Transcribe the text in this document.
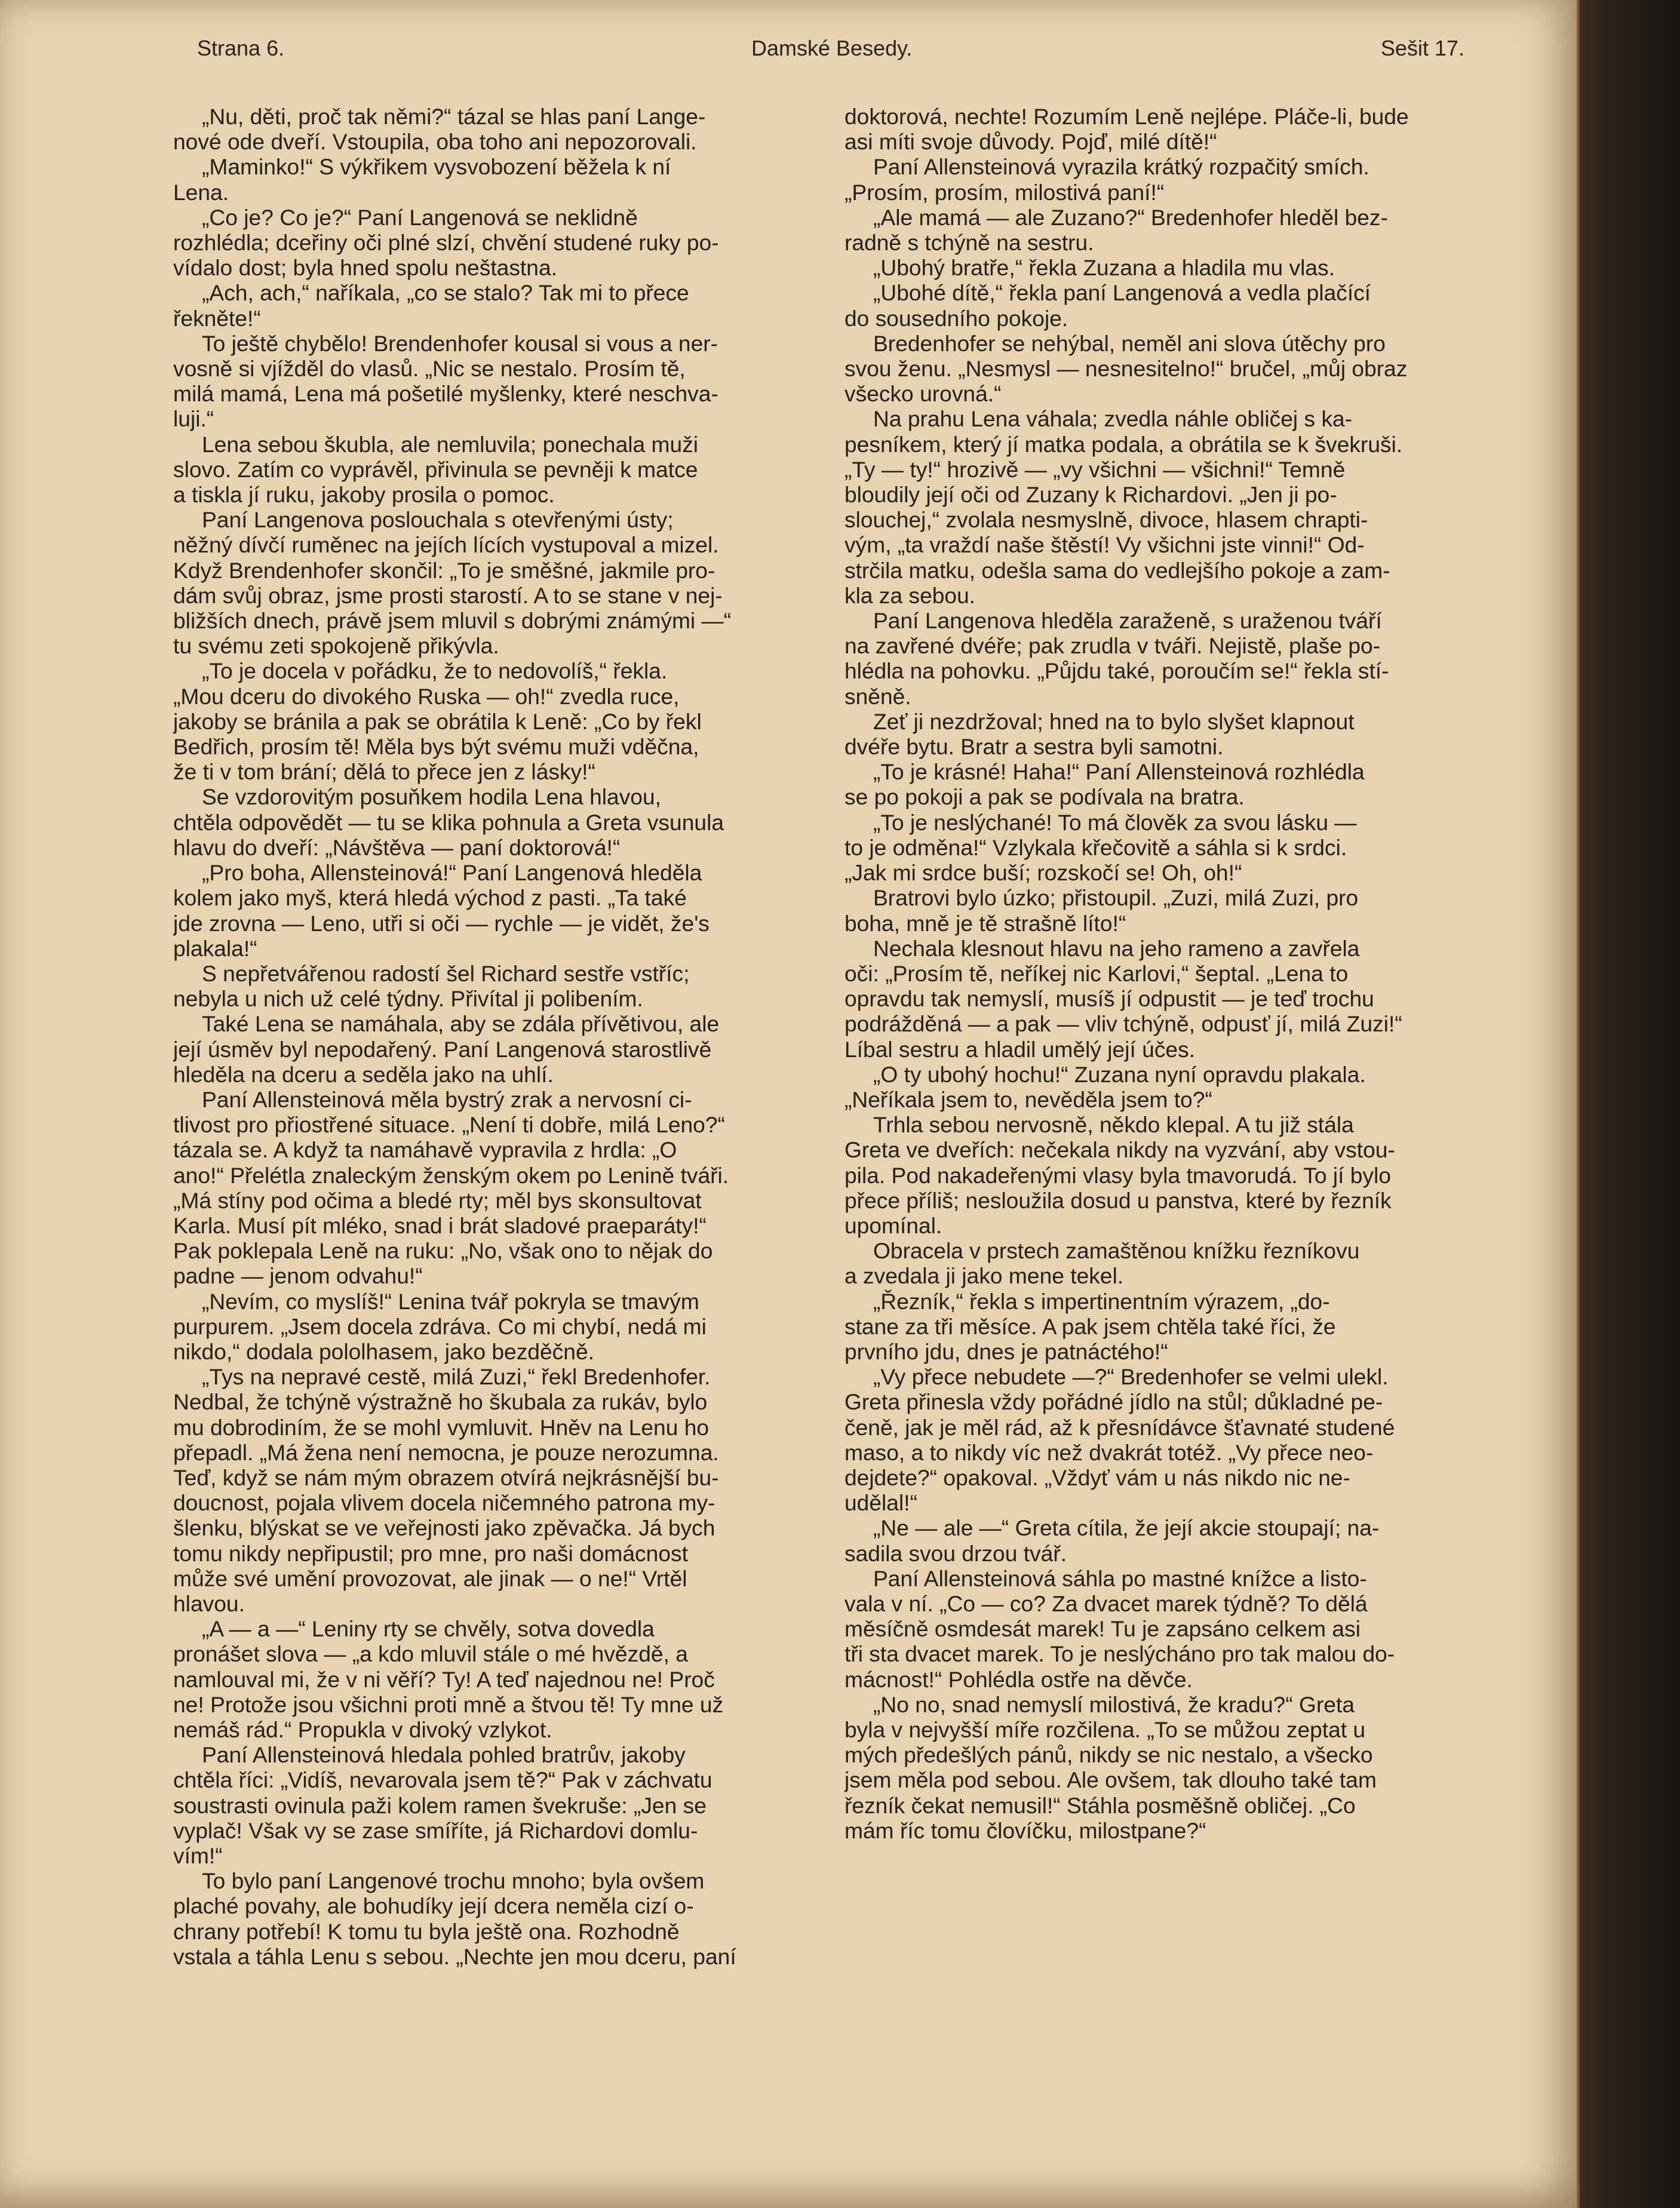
Strana 6.	Damské Besedy.	Sešit 17.

„Nu, děti, proč tak němi?“ tázal se hlas paní Lange-
nové ode dveří. Vstoupila, oba toho ani nepozorovali.

„Maminko!“ S výkřikem vysvobození běžela k ní
Lena.

„Co je? Co je?“ Paní Langenová se neklidně
rozhlédla; dcеřiny oči plné slzí, chvění studené ruky po-
vídalo dost; byla hned spolu neštastna.

„Ach, ach,“ naříkala, „co se stalo? Tak mi to přece
řekněte!“

To ještě chybělo! Brendenhofer kousal si vous a ner-
vosně si vjížděl do vlasů. „Nic se nestalo. Prosím tě,
milá mamá, Lena má pošetilé myšlenky, které neschva-
luji.“

Lena sebou škubla, ale nemluvila; ponechala muži
slovo. Zatím co vyprávěl, přivinula se pevněji k matce
a tiskla jí ruku, jakoby prosila o pomoc.

Paní Langenova poslouchala s otevřenými ústy;
něžný dívčí ruměnec na jejích lících vystupoval a mizel.
Když Brendenhofer skončil: „To je směšné, jakmile pro-
dám svůj obraz, jsme prosti starostí. A to se stane v nej-
bližších dnech, právě jsem mluvil s dobrými známými —“
tu svému zeti spokojeně přikývla.

„To je docela v pořádku, že to nedovolíš,“ řekla.
„Mou dceru do divokého Ruska — oh!“ zvedla ruce,
jakoby se bránila a pak se obrátila k Leně: „Co by řekl
Bedřich, prosím tě! Měla bys být svému muži vděčna,
že ti v tom brání; dělá to přece jen z lásky!“

Se vzdorovitým posuňkem hodila Lena hlavou,
chtěla odpovědět — tu se klika pohnula a Greta vsunula
hlavu do dveří: „Návštěva — paní doktorová!“

„Pro boha, Allensteinová!“ Paní Langenová hleděla
kolem jako myš, která hledá východ z pasti. „Ta také
jde zrovna — Leno, utři si oči — rychle — je vidět, že's
plakala!“

S nepřetvářenou radostí šel Richard sestře vstříc;
nebyla u nich už celé týdny. Přivítal ji polibením.

Také Lena se namáhala, aby se zdála přívětivou, ale
její úsměv byl nepodařený. Paní Langenová starostlivě
hleděla na dceru a seděla jako na uhlí.

Paní Allensteinová měla bystrý zrak a nervosní ci-
tlivost pro přiostřené situace. „Není ti dobře, milá Leno?“
tázala se. A když ta namáhavě vypravila z hrdla: „O
ano!“ Přelétla znaleckým ženským okem po Lenině tváři.
„Má stíny pod očima a bledé rty; měl bys skonsultovat
Karla. Musí pít mléko, snad i brát sladové praeparáty!“
Pak poklepala Leně na ruku: „No, však ono to nějak do
padne — jenom odvahu!“

„Nevím, co myslíš!“ Lenina tvář pokryla se tmavým
purpurem. „Jsem docela zdráva. Co mi chybí, nedá mi
nikdo,“ dodala pololhasem, jako bezděčně.

„Tys na nepravé cestě, milá Zuzi,“ řekl Bredenhofer.
Nedbal, že tchýně výstražně ho škubala za rukáv, bylo
mu dobrodiním, že se mohl vymluvit. Hněv na Lenu ho
přepadl. „Má žena není nemocna, je pouze nerozumna.
Teď, když se nám mým obrazem otvírá nejkrásnější bu-
doucnost, pojala vlivem docela ničemného patrona my-
šlenku, blýskat se ve veřejnosti jako zpěvačka. Já bych
tomu nikdy nepřipustil; pro mne, pro naši domácnost
může své umění provozovat, ale jinak — o ne!“ Vrtěl
hlavou.

„A — a —“ Leniny rty se chvěly, sotva dovedla
pronášet slova — „a kdo mluvil stále o mé hvězdě, a
namlouval mi, že v ni věří? Ty! A teď najednou ne! Proč
ne! Protože jsou všichni proti mně a štvou tě! Ty mne už
nemáš rád.“ Propukla v divoký vzlykot.

Paní Allensteinová hledala pohled bratrův, jakoby
chtěla říci: „Vidíš, nevarovala jsem tě?“ Pak v záchvatu
soustrasti ovinula paži kolem ramen švekruše: „Jen se
vyplač! Však vy se zase smíříte, já Richardovi domlu-
vím!“

To bylo paní Langenové trochu mnoho; byla ovšem
plaché povahy, ale bohudíky její dcera neměla cizí o-
chrany potřebí! K tomu tu byla ještě ona. Rozhodně
vstala a táhla Lenu s sebou. „Nechte jen mou dceru, paní

doktorová, nechte! Rozumím Leně nejlépe. Pláče-li, bude
asi míti svoje důvody. Pojď, milé dítě!“

Paní Allensteinová vyrazila krátký rozpačitý smích.
„Prosím, prosím, milostivá paní!“

„Ale mamá — ale Zuzano?“ Bredenhofer hleděl bez-
radně s tchýně na sestru.

„Ubohý bratře,“ řekla Zuzana a hladila mu vlas.

„Ubohé dítě,“ řekla paní Langenová a vedla plačící
do sousedního pokoje.

Bredenhofer se nehýbal, neměl ani slova útěchy pro
svou ženu. „Nesmysl — nesnesitelno!“ bručel, „můj obraz
všecko urovná.“

Na prahu Lena váhala; zvedla náhle obličej s ka-
pesníkem, který jí matka podala, a obrátila se k švekruši.
„Ty — ty!“ hrozivě — „vy všichni — všichni!“ Temně
bloudily její oči od Zuzany k Richardovi. „Jen ji po-
slouchej,“ zvolala nesmyslně, divoce, hlasem chrapti-
vým, „ta vraždí naše štěstí! Vy všichni jste vinni!“ Od-
strčila matku, odešla sama do vedlejšího pokoje a zam-
kla za sebou.

Paní Langenova hleděla zaraženě, s uraženou tváří
na zavřené dvéře; pak zrudla v tváři. Nejistě, plaše po-
hlédla na pohovku. „Půjdu také, poroučím se!“ řekla stí-
sněně.

Zeť ji nezdržoval; hned na to bylo slyšet klapnout
dvéře bytu. Bratr a sestra byli samotni.

„To je krásné! Haha!“ Paní Allensteinová rozhlédla
se po pokoji a pak se podívala na bratra.

„To je neslýchané! To má člověk za svou lásku —
to je odměna!“ Vzlykala křečovitě a sáhla si k srdci.
„Jak mi srdce buší; rozskočí se! Oh, oh!“

Bratrovi bylo úzko; přistoupil. „Zuzi, milá Zuzi, pro
boha, mně je tě strašně líto!“

Nechala klesnout hlavu na jeho rameno a zavřela
oči: „Prosím tě, neříkej nic Karlovi,“ šeptal. „Lena to
opravdu tak nemyslí, musíš jí odpustit — je teď trochu
podrážděná — a pak — vliv tchýně, odpusť jí, milá Zuzi!“
Líbal sestru a hladil umělý její účes.

„O ty ubohý hochu!“ Zuzana nyní opravdu plakala.
„Neříkala jsem to, nevěděla jsem to?“

Trhla sebou nervosně, někdo klepal. A tu již stála
Greta ve dveřích: nečekala nikdy na vyzvání, aby vstou-
pila. Pod nakadeřenými vlasy byla tmavorudá. To jí bylo
přece příliš; nesloužila dosud u panstva, které by řezník
upomínal.

Obracela v prstech zamaštěnou knížku řezníkovu
a zvedala ji jako mene tekel.

„Řezník,“ řekla s impertinentním výrazem, „do-
stane za tři měsíce. A pak jsem chtěla také říci, že
prvního jdu, dnes je patnáctého!“

„Vy přece nebudete —?“ Bredenhofer se velmi ulekl.
Greta přinesla vždy pořádné jídlo na stůl; důkladné pe-
čeně, jak je měl rád, až k přesnídávce šťavnaté studené
maso, a to nikdy víc než dvakrát totéž. „Vy přece neo-
dejdete?“ opakoval. „Vždyť vám u nás nikdo nic ne-
udělal!“

„Ne — ale —“ Greta cítila, že její akcie stoupají; na-
sadila svou drzou tvář.

Paní Allensteinová sáhla po mastné knížce a listo-
vala v ní. „Co — co? Za dvacet marek týdně? To dělá
měsíčně osmdesát marek! Tu je zapsáno celkem asi
tři sta dvacet marek. To je neslýcháno pro tak malou do-
mácnost!“ Pohlédla ostře na děvče.

„No no, snad nemyslí milostivá, že kradu?“ Greta
byla v nejvyšší míře rozčilena. „To se můžou zeptat u
mých předešlých pánů, nikdy se nic nestalo, a všecko
jsem měla pod sebou. Ale ovšem, tak dlouho také tam
řezník čekat nemusil!“ Stáhla posměšně obličej. „Co
mám říc tomu človíčku, milostpane?“
